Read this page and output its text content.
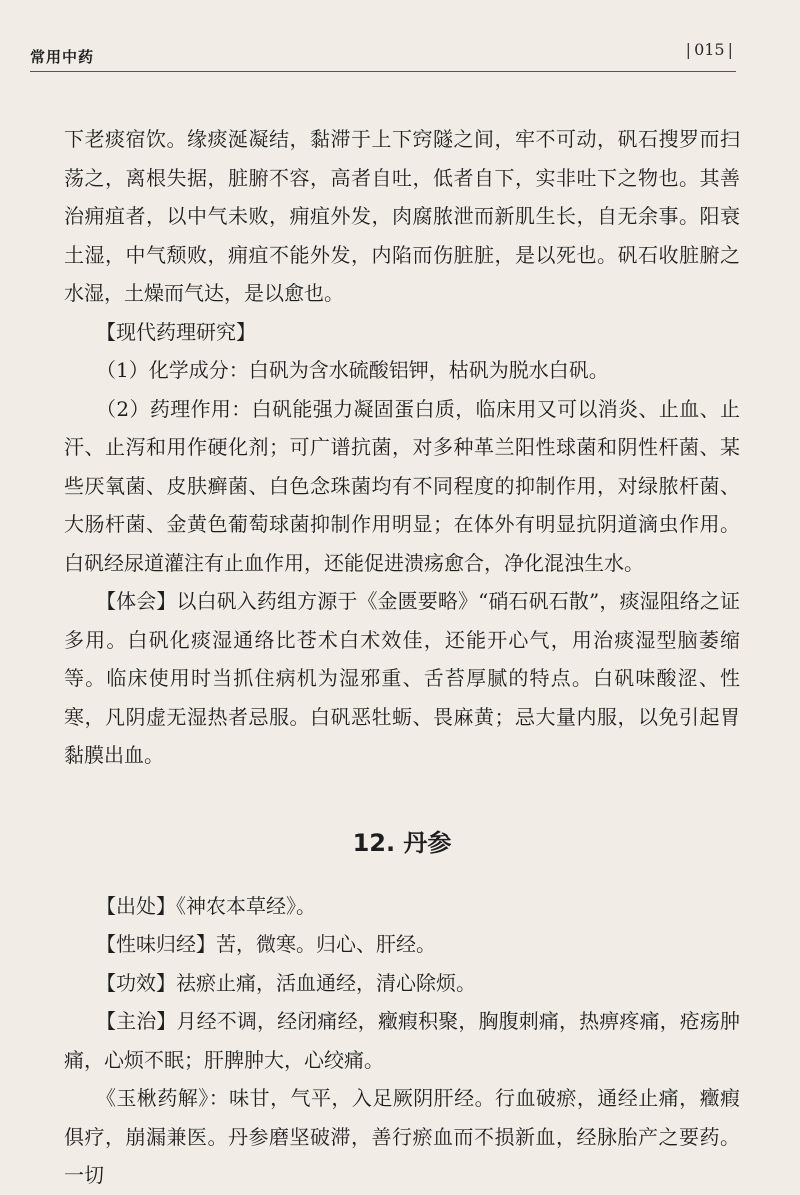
常用中药	| 015 |

下老痰宿饮。缘痰涎凝结，黏滞于上下窍隧之间，牢不可动，矾石搜罗而扫荡之，离根失据，脏腑不容，高者自吐，低者自下，实非吐下之物也。其善治痈疽者，以中气未败，痈疽外发，肉腐脓泄而新肌生长，自无余事。阳衰土湿，中气颓败，痈疽不能外发，内陷而伤脏脏，是以死也。矾石收脏腑之水湿，土燥而气达，是以愈也。

【现代药理研究】

（1）化学成分：白矾为含水硫酸铝钾，枯矾为脱水白矾。

（2）药理作用：白矾能强力凝固蛋白质，临床用又可以消炎、止血、止汗、止泻和用作硬化剂；可广谱抗菌，对多种革兰阳性球菌和阴性杆菌、某些厌氧菌、皮肤癣菌、白色念珠菌均有不同程度的抑制作用，对绿脓杆菌、大肠杆菌、金黄色葡萄球菌抑制作用明显；在体外有明显抗阴道滴虫作用。白矾经尿道灌注有止血作用，还能促进溃疡愈合，净化混浊生水。

【体会】以白矾入药组方源于《金匮要略》“硝石矾石散”，痰湿阻络之证多用。白矾化痰湿通络比苍术白术效佳，还能开心气，用治痰湿型脑萎缩等。临床使用时当抓住病机为湿邪重、舌苔厚腻的特点。白矾味酸涩、性寒，凡阴虚无湿热者忌服。白矾恶牡蛎、畏麻黄；忌大量内服，以免引起胃黏膜出血。

12. 丹参

【出处】《神农本草经》。

【性味归经】苦，微寒。归心、肝经。

【功效】祛瘀止痛，活血通经，清心除烦。

【主治】月经不调，经闭痛经，癥瘕积聚，胸腹刺痛，热痹疼痛，疮疡肿痛，心烦不眠；肝脾肿大，心绞痛。

《玉楸药解》：味甘，气平，入足厥阴肝经。行血破瘀，通经止痛，癥瘕俱疗，崩漏兼医。丹参磨坚破滞，善行瘀血而不损新血，经脉胎产之要药。一切
